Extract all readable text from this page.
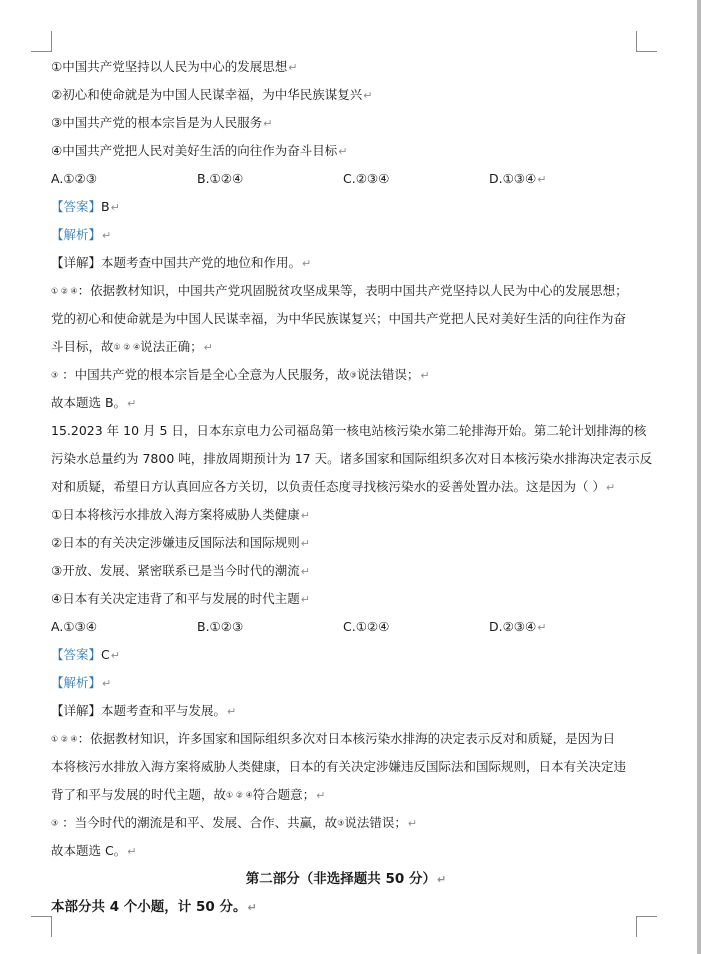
①中国共产党坚持以人民为中心的发展思想↵
②初心和使命就是为中国人民谋幸福，为中华民族谋复兴↵
③中国共产党的根本宗旨是为人民服务↵
④中国共产党把人民对美好生活的向往作为奋斗目标↵
A.①②③	B.①②④	C.②③④	D.①③④↵
【答案】B↵
【解析】↵
【详解】本题考查中国共产党的地位和作用。↵
① ② ④：依据教材知识，中国共产党巩固脱贫攻坚成果等，表明中国共产党坚持以人民为中心的发展思想；
党的初心和使命就是为中国人民谋幸福，为中华民族谋复兴；中国共产党把人民对美好生活的向往作为奋
斗目标，故① ② ④说法正确；↵
③ ：中国共产党的根本宗旨是全心全意为人民服务，故③说法错误；↵
故本题选 B。↵
15.2023 年 10 月 5 日，日本东京电力公司福岛第一核电站核污染水第二轮排海开始。第二轮计划排海的核
污染水总量约为 7800 吨，排放周期预计为 17 天。诸多国家和国际组织多次对日本核污染水排海决定表示反
对和质疑，希望日方认真回应各方关切，以负责任态度寻找核污染水的妥善处置办法。这是因为（ ）↵
①日本将核污水排放入海方案将威胁人类健康↵
②日本的有关决定涉嫌违反国际法和国际规则↵
③开放、发展、紧密联系已是当今时代的潮流↵
④日本有关决定违背了和平与发展的时代主题↵
A.①③④	B.①②③	C.①②④	D.②③④↵
【答案】C↵
【解析】↵
【详解】本题考查和平与发展。↵
① ② ④：依据教材知识，许多国家和国际组织多次对日本核污染水排海的决定表示反对和质疑，是因为日
本将核污水排放入海方案将威胁人类健康，日本的有关决定涉嫌违反国际法和国际规则，日本有关决定违
背了和平与发展的时代主题，故① ② ④符合题意；↵
③ ：当今时代的潮流是和平、发展、合作、共赢，故③说法错误；↵
故本题选 C。↵
第二部分（非选择题共 50 分）↵
本部分共 4 个小题，计 50 分。↵
